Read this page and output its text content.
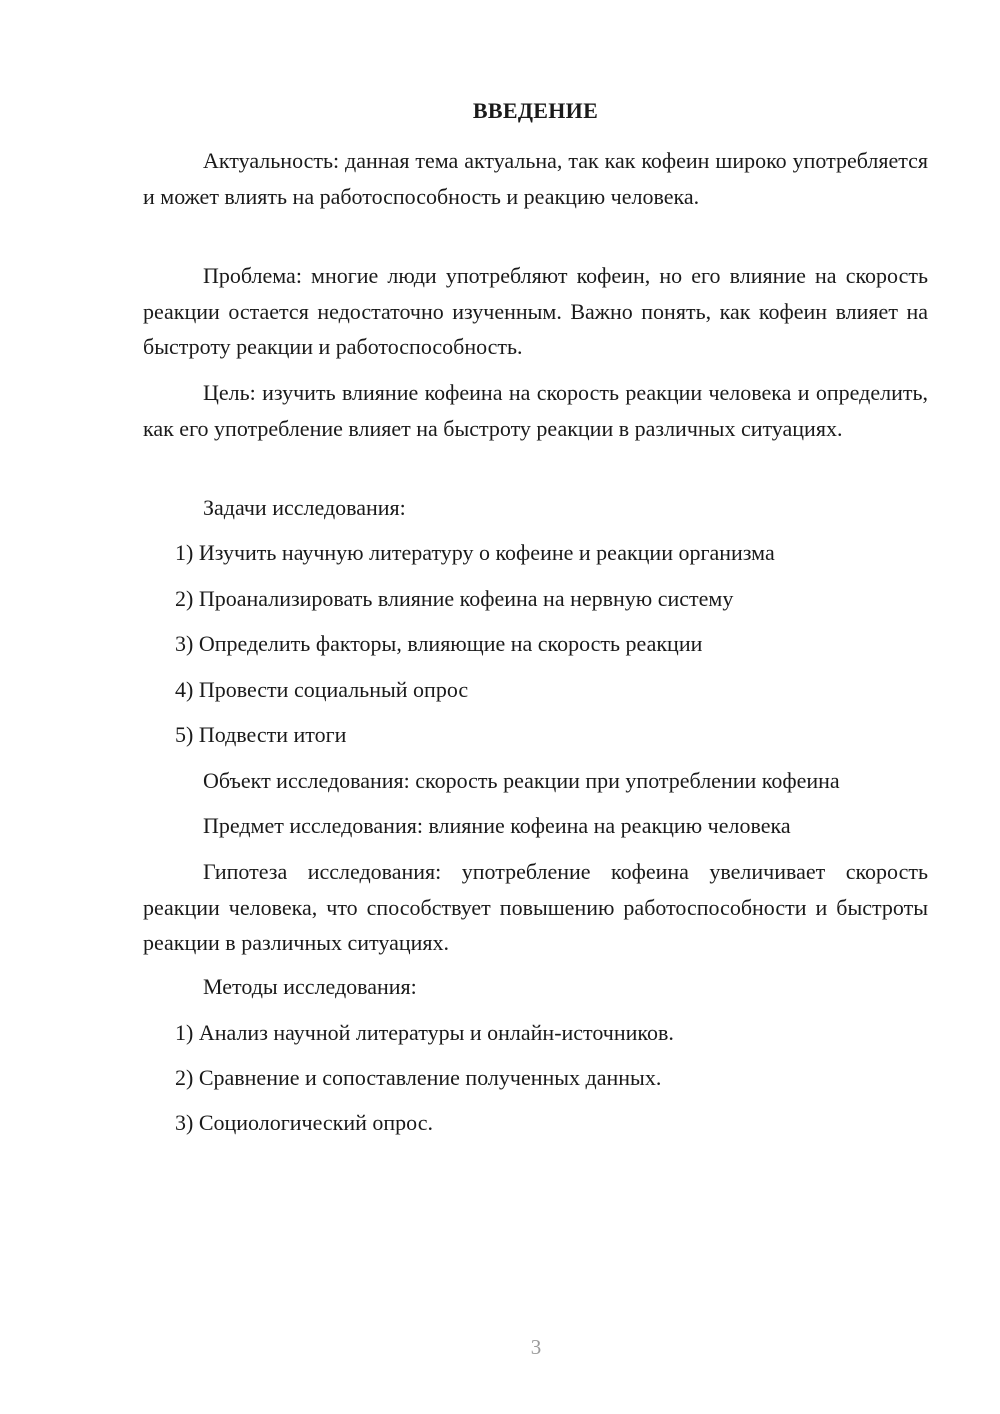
ВВЕДЕНИЕ

Актуальность: данная тема актуальна, так как кофеин широко употребляется и может влиять на работоспособность и реакцию человека.

Проблема: многие люди употребляют кофеин, но его влияние на скорость реакции остается недостаточно изученным. Важно понять, как кофеин влияет на быстроту реакции и работоспособность.

Цель: изучить влияние кофеина на скорость реакции человека и определить, как его употребление влияет на быстроту реакции в различных ситуациях.

Задачи исследования:
1) Изучить научную литературу о кофеине и реакции организма
2) Проанализировать влияние кофеина на нервную систему
3) Определить факторы, влияющие на скорость реакции
4) Провести социальный опрос
5) Подвести итоги
Объект исследования: скорость реакции при употреблении кофеина
Предмет исследования: влияние кофеина на реакцию человека

Гипотеза исследования: употребление кофеина увеличивает скорость реакции человека, что способствует повышению работоспособности и быстроты реакции в различных ситуациях.

Методы исследования:
1) Анализ научной литературы и онлайн-источников.
2) Сравнение и сопоставление полученных данных.
3) Социологический опрос.
3
